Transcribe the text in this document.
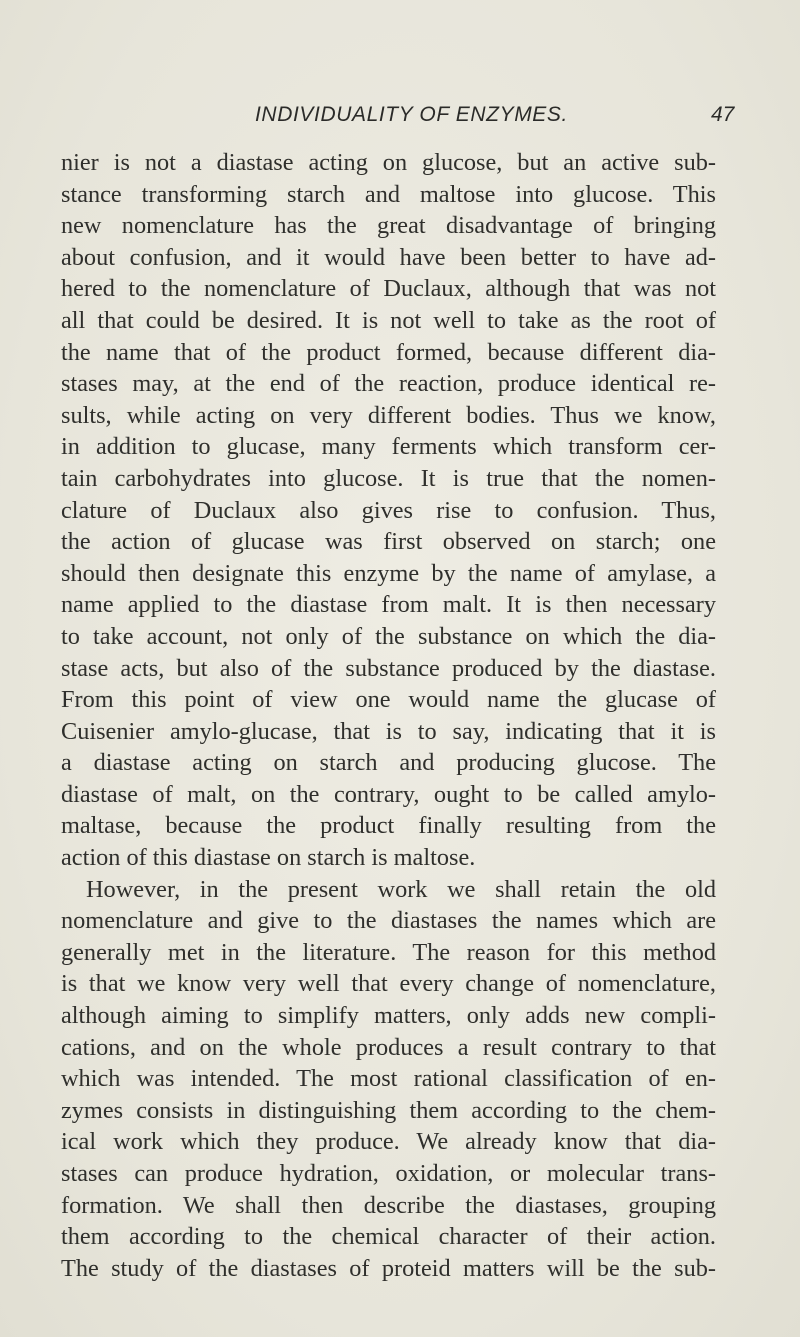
INDIVIDUALITY OF ENZYMES.	47
nier is not a diastase acting on glucose, but an active sub-
stance transforming starch and maltose into glucose. This
new nomenclature has the great disadvantage of bringing
about confusion, and it would have been better to have ad-
hered to the nomenclature of Duclaux, although that was not
all that could be desired. It is not well to take as the root of
the name that of the product formed, because different dia-
stases may, at the end of the reaction, produce identical re-
sults, while acting on very different bodies. Thus we know,
in addition to glucase, many ferments which transform cer-
tain carbohydrates into glucose. It is true that the nomen-
clature of Duclaux also gives rise to confusion. Thus,
the action of glucase was first observed on starch; one
should then designate this enzyme by the name of amylase, a
name applied to the diastase from malt. It is then necessary
to take account, not only of the substance on which the dia-
stase acts, but also of the substance produced by the diastase.
From this point of view one would name the glucase of
Cuisenier amylo-glucase, that is to say, indicating that it is
a diastase acting on starch and producing glucose. The
diastase of malt, on the contrary, ought to be called amylo-
maltase, because the product finally resulting from the
action of this diastase on starch is maltose.
However, in the present work we shall retain the old
nomenclature and give to the diastases the names which are
generally met in the literature. The reason for this method
is that we know very well that every change of nomenclature,
although aiming to simplify matters, only adds new compli-
cations, and on the whole produces a result contrary to that
which was intended. The most rational classification of en-
zymes consists in distinguishing them according to the chem-
ical work which they produce. We already know that dia-
stases can produce hydration, oxidation, or molecular trans-
formation. We shall then describe the diastases, grouping
them according to the chemical character of their action.
The study of the diastases of proteid matters will be the sub-
